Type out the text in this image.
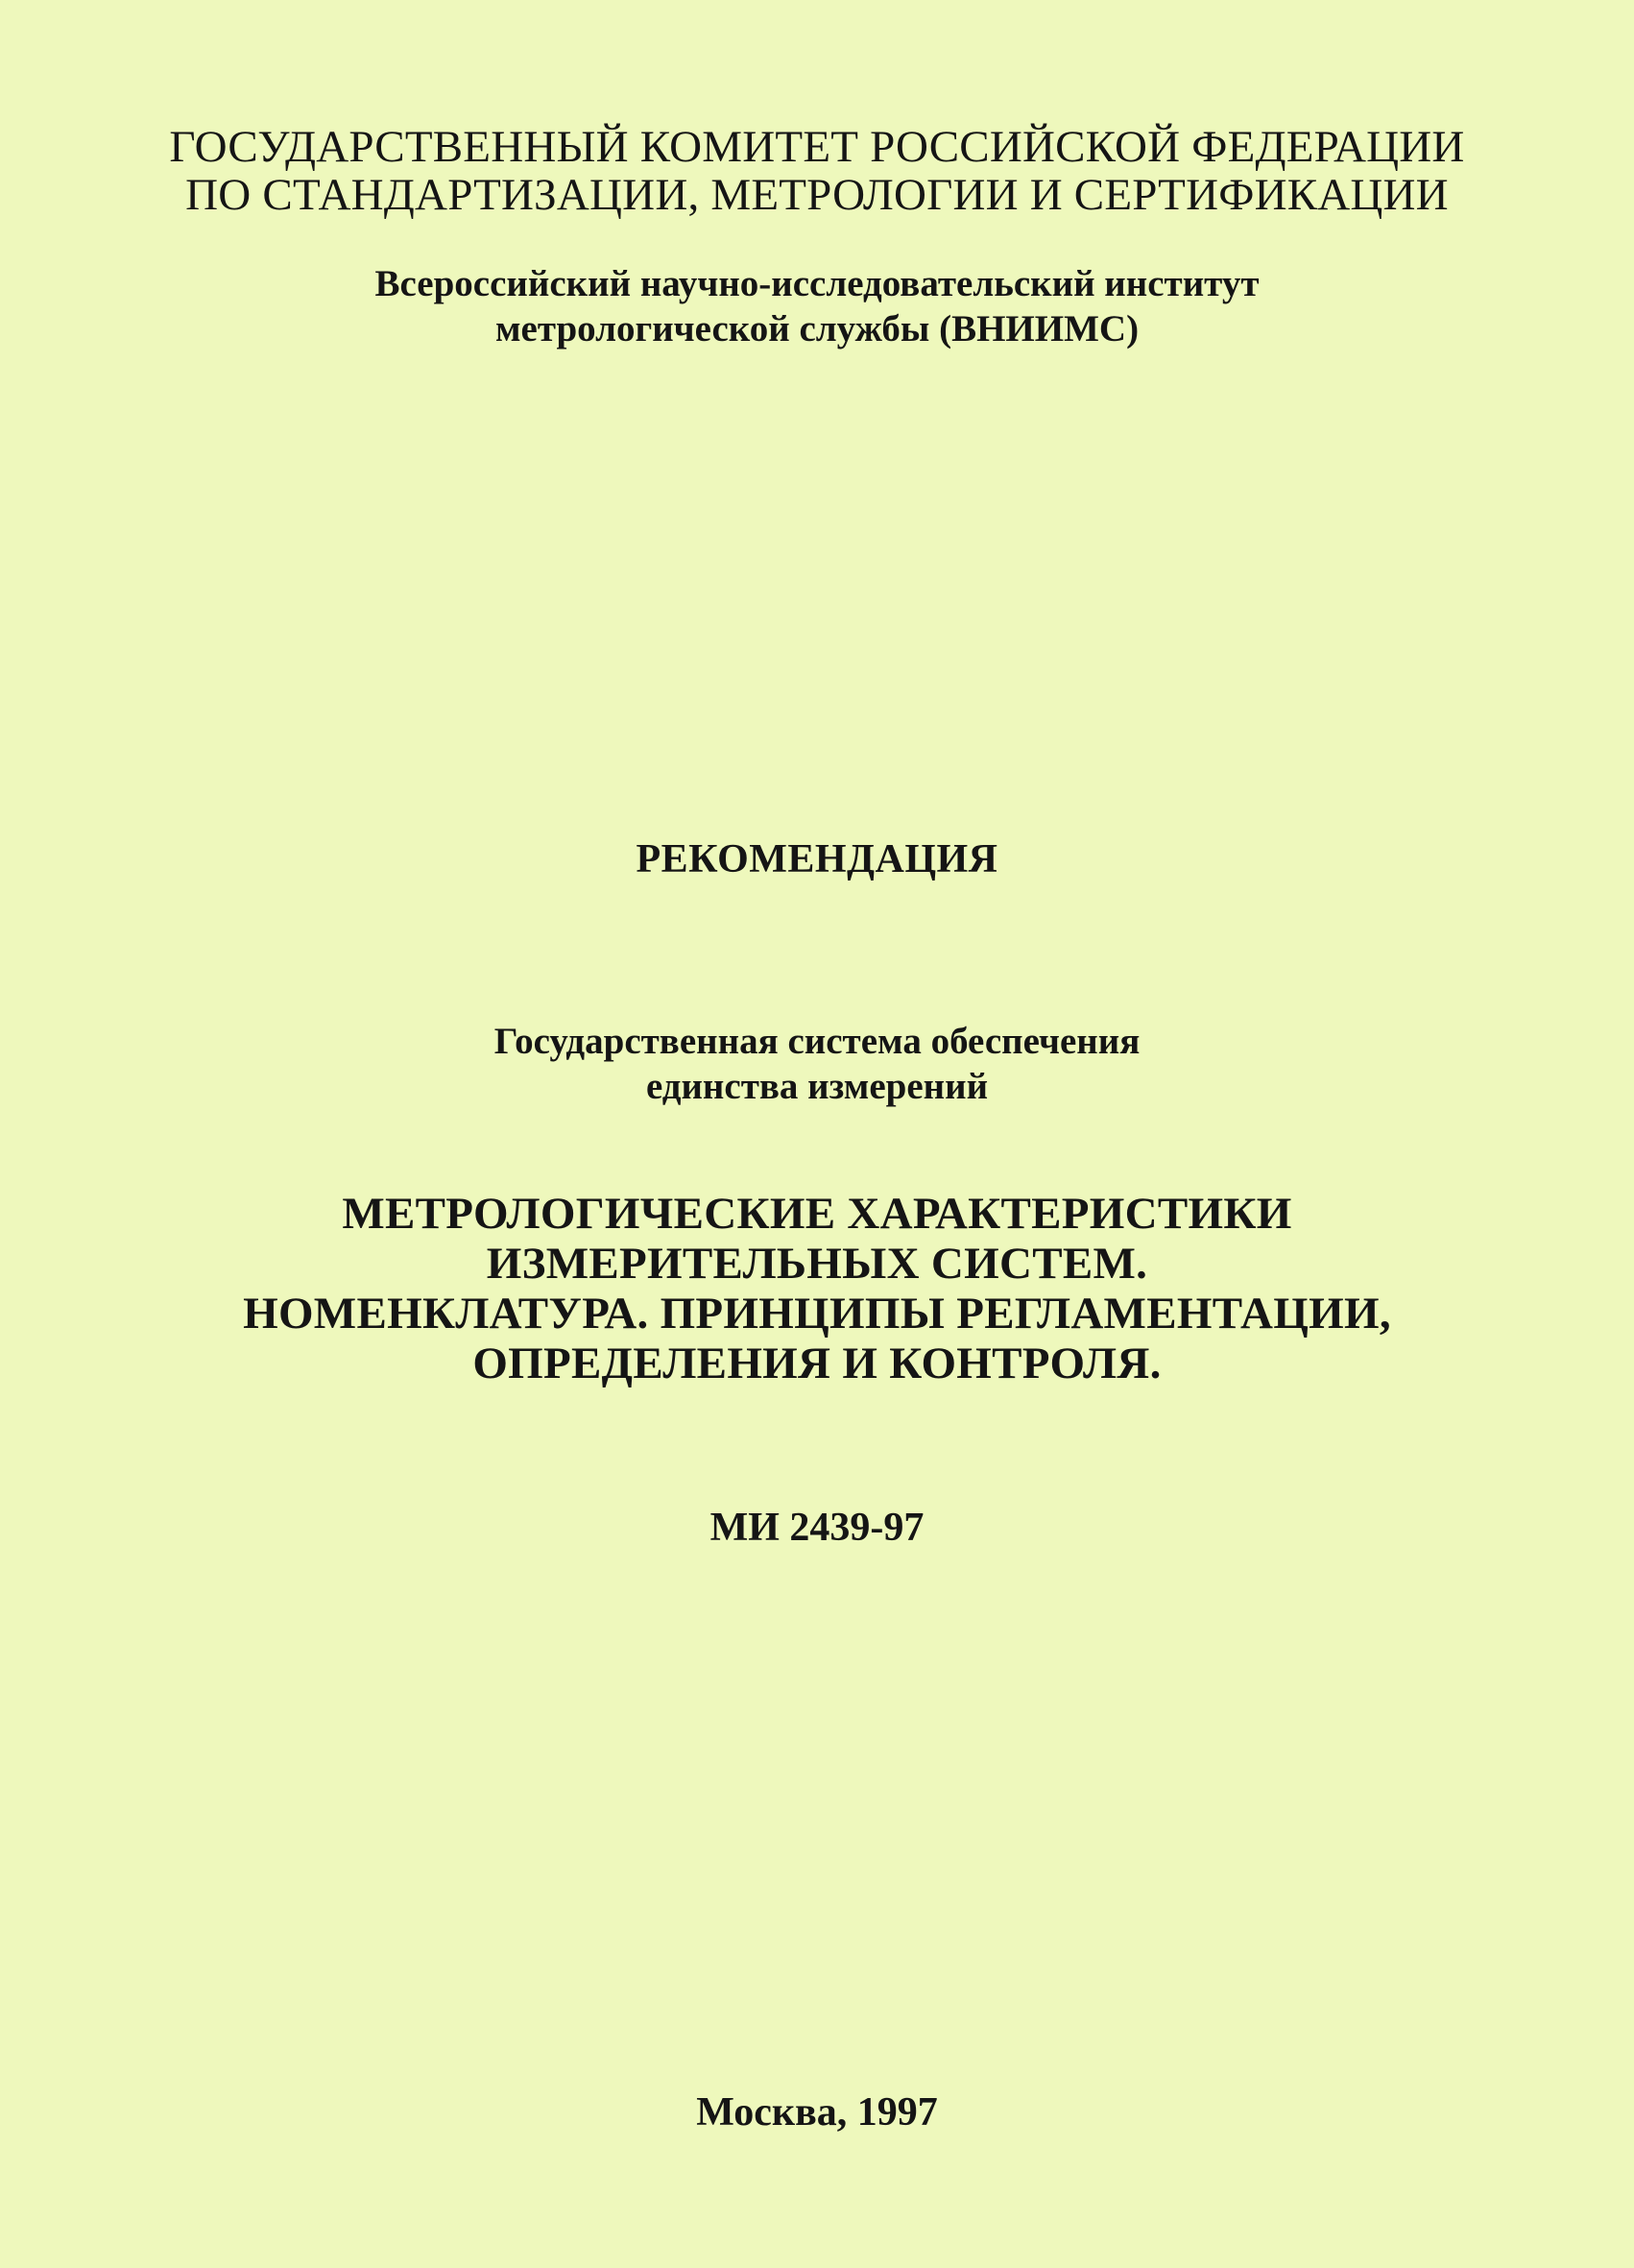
ГОСУДАРСТВЕННЫЙ КОМИТЕТ РОССИЙСКОЙ ФЕДЕРАЦИИ
ПО СТАНДАРТИЗАЦИИ, МЕТРОЛОГИИ И СЕРТИФИКАЦИИ
Всероссийский научно-исследовательский институт
метрологической службы (ВНИИМС)
РЕКОМЕНДАЦИЯ
Государственная система обеспечения
единства измерений
МЕТРОЛОГИЧЕСКИЕ ХАРАКТЕРИСТИКИ
ИЗМЕРИТЕЛЬНЫХ СИСТЕМ.
НОМЕНКЛАТУРА. ПРИНЦИПЫ РЕГЛАМЕНТАЦИИ,
ОПРЕДЕЛЕНИЯ И КОНТРОЛЯ.
МИ 2439-97
Москва, 1997
